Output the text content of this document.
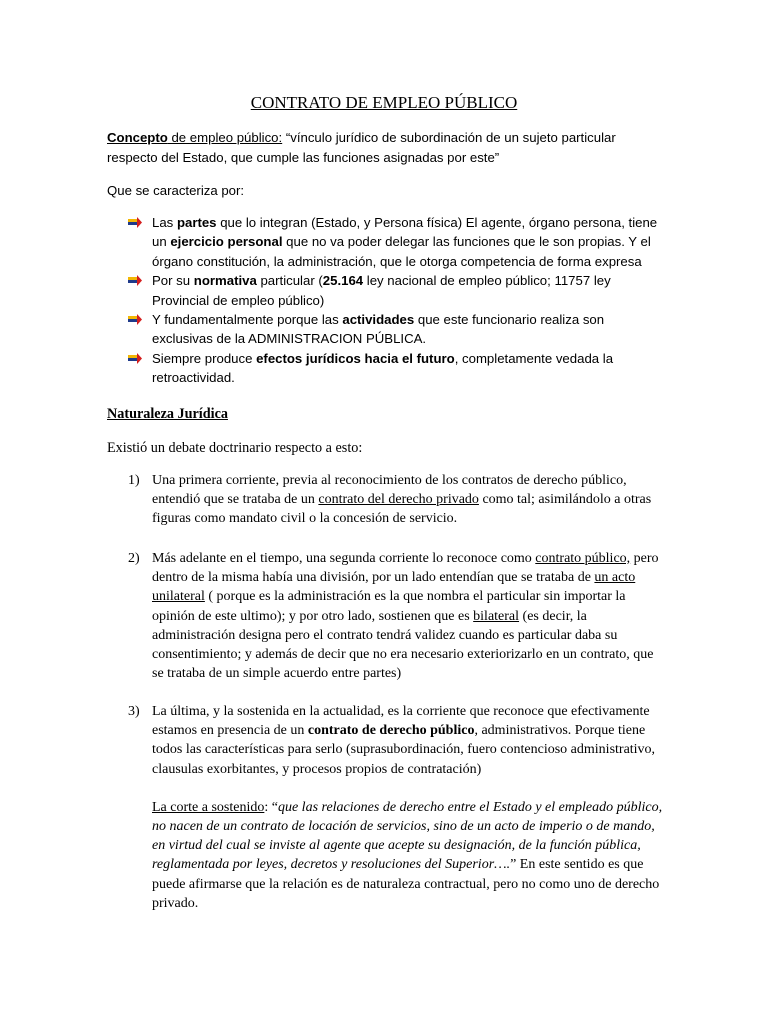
CONTRATO DE EMPLEO PÚBLICO
Concepto de empleo público: “vínculo jurídico de subordinación de un sujeto particular respecto del Estado, que cumple las funciones asignadas por este”
Que se caracteriza por:
Las partes que lo integran (Estado, y Persona física) El agente, órgano persona, tiene un ejercicio personal que no va poder delegar las funciones que le son propias. Y el órgano constitución, la administración, que le otorga competencia de forma expresa
Por su normativa particular (25.164 ley nacional de empleo público; 11757 ley Provincial de empleo público)
Y fundamentalmente porque las actividades que este funcionario realiza son exclusivas de la ADMINISTRACION PÚBLICA.
Siempre produce efectos jurídicos hacia el futuro, completamente vedada la retroactividad.
Naturaleza Jurídica
Existió un debate doctrinario respecto a esto:
1) Una primera corriente, previa al reconocimiento de los contratos de derecho público, entendió que se trataba de un contrato del derecho privado como tal; asimilándolo a otras figuras como mandato civil o la concesión de servicio.
2) Más adelante en el tiempo, una segunda corriente lo reconoce como contrato público, pero dentro de la misma había una división, por un lado entendían que se trataba de un acto unilateral ( porque es la administración es la que nombra el particular sin importar la opinión de este ultimo); y por otro lado, sostienen que es bilateral (es decir, la administración designa pero el contrato tendrá validez cuando es particular daba su consentimiento; y además de decir que no era necesario exteriorizarlo en un contrato, que se trataba de un simple acuerdo entre partes)
3) La última, y la sostenida en la actualidad, es la corriente que reconoce que efectivamente estamos en presencia de un contrato de derecho público, administrativos. Porque tiene todos las características para serlo (suprasubordinación, fuero contencioso administrativo, clausulas exorbitantes, y procesos propios de contratación)
La corte a sostenido: “que las relaciones de derecho entre el Estado y el empleado público, no nacen de un contrato de locación de servicios, sino de un acto de imperio o de mando, en virtud del cual se inviste al agente que acepte su designación, de la función pública, reglamentada por leyes, decretos y resoluciones del Superior….” En este sentido es que puede afirmarse que la relación es de naturaleza contractual, pero no como uno de derecho privado.
